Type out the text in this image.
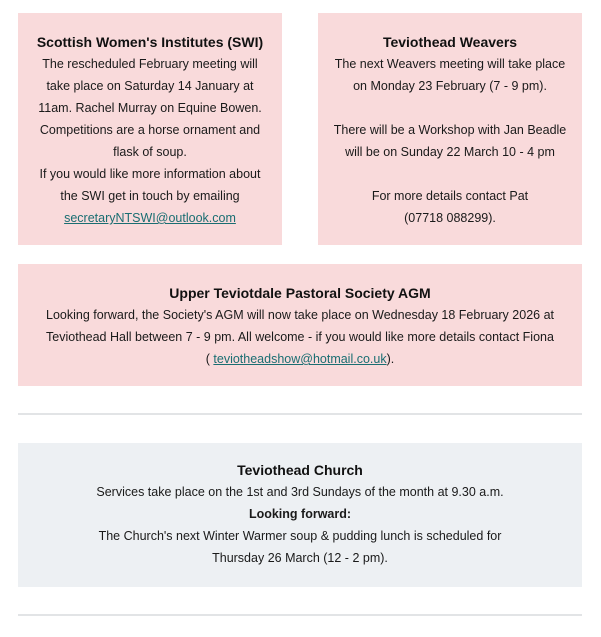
Scottish Women's Institutes (SWI)

The rescheduled February meeting will

take place on Saturday 14 January at

11am. Rachel Murray on Equine Bowen.

Competitions are a horse ornament and

flask of soup.

If you would like more information about

the SWI get in touch by emailing

secretaryNTSWI@outlook.com

Teviothead Weavers

The next Weavers meeting will take place

on Monday 23 February (7 - 9 pm).

There will be a Workshop with Jan Beadle

will be on Sunday 22 March 10 - 4 pm

For more details contact Pat

(07718 088299).

Upper Teviotdale Pastoral Society AGM

Looking forward, the Society's AGM will now take place on Wednesday 18 February 2026 at

Teviothead Hall between 7 - 9 pm. All welcome - if you would like more details contact Fiona

( teviotheadshow@hotmail.co.uk).

Teviothead Church

Services take place on the 1st and 3rd Sundays of the month at 9.30 a.m.

Looking forward:

The Church's next Winter Warmer soup & pudding lunch is scheduled for

Thursday 26 March (12 - 2 pm).
